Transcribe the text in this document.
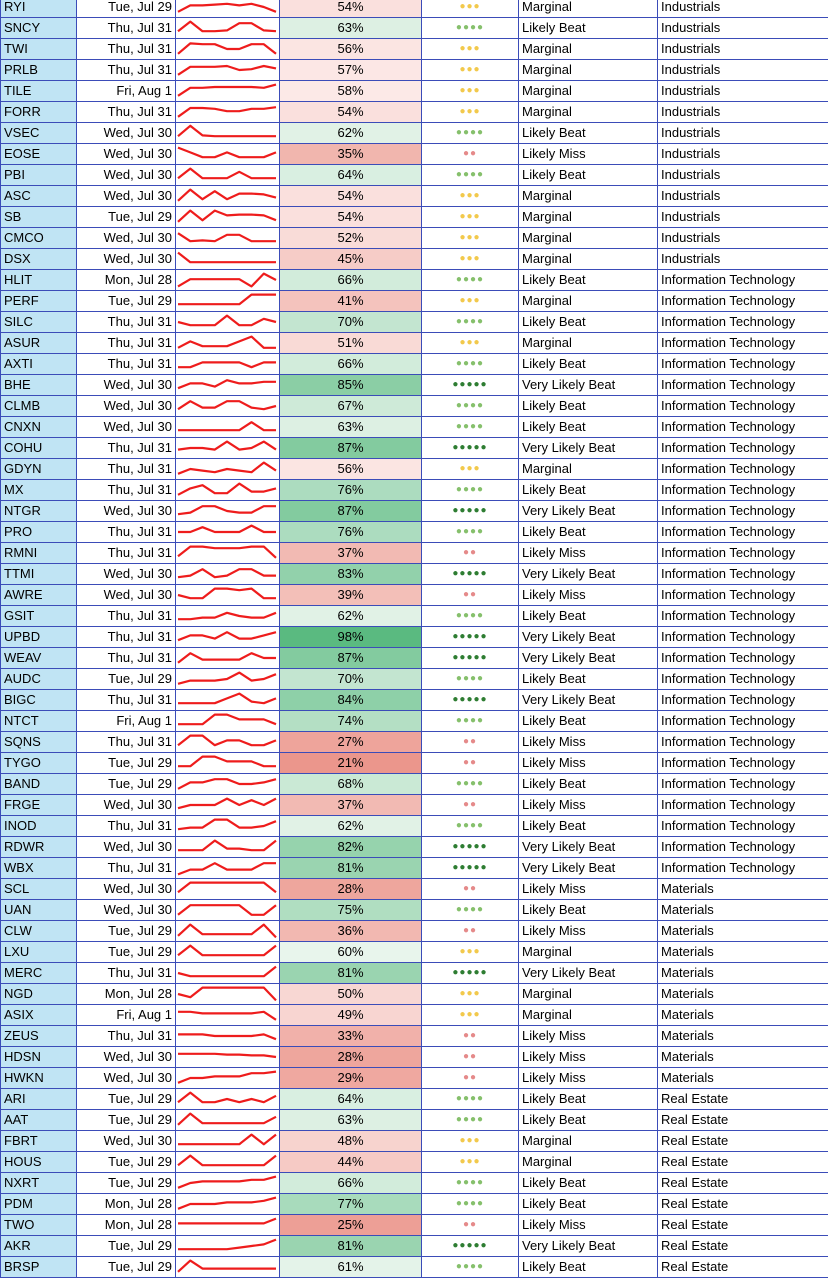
RYI	Tue, Jul 29		54%	●●●	Marginal	Industrials
SNCY	Thu, Jul 31		63%	●●●●	Likely Beat	Industrials
TWI	Thu, Jul 31		56%	●●●	Marginal	Industrials
PRLB	Thu, Jul 31		57%	●●●	Marginal	Industrials
TILE	Fri, Aug 1		58%	●●●	Marginal	Industrials
FORR	Thu, Jul 31		54%	●●●	Marginal	Industrials
VSEC	Wed, Jul 30		62%	●●●●	Likely Beat	Industrials
EOSE	Wed, Jul 30		35%	●●	Likely Miss	Industrials
PBI	Wed, Jul 30		64%	●●●●	Likely Beat	Industrials
ASC	Wed, Jul 30		54%	●●●	Marginal	Industrials
SB	Tue, Jul 29		54%	●●●	Marginal	Industrials
CMCO	Wed, Jul 30		52%	●●●	Marginal	Industrials
DSX	Wed, Jul 30		45%	●●●	Marginal	Industrials
HLIT	Mon, Jul 28		66%	●●●●	Likely Beat	Information Technology
PERF	Tue, Jul 29		41%	●●●	Marginal	Information Technology
SILC	Thu, Jul 31		70%	●●●●	Likely Beat	Information Technology
ASUR	Thu, Jul 31		51%	●●●	Marginal	Information Technology
AXTI	Thu, Jul 31		66%	●●●●	Likely Beat	Information Technology
BHE	Wed, Jul 30		85%	●●●●●	Very Likely Beat	Information Technology
CLMB	Wed, Jul 30		67%	●●●●	Likely Beat	Information Technology
CNXN	Wed, Jul 30		63%	●●●●	Likely Beat	Information Technology
COHU	Thu, Jul 31		87%	●●●●●	Very Likely Beat	Information Technology
GDYN	Thu, Jul 31		56%	●●●	Marginal	Information Technology
MX	Thu, Jul 31		76%	●●●●	Likely Beat	Information Technology
NTGR	Wed, Jul 30		87%	●●●●●	Very Likely Beat	Information Technology
PRO	Thu, Jul 31		76%	●●●●	Likely Beat	Information Technology
RMNI	Thu, Jul 31		37%	●●	Likely Miss	Information Technology
TTMI	Wed, Jul 30		83%	●●●●●	Very Likely Beat	Information Technology
AWRE	Wed, Jul 30		39%	●●	Likely Miss	Information Technology
GSIT	Thu, Jul 31		62%	●●●●	Likely Beat	Information Technology
UPBD	Thu, Jul 31		98%	●●●●●	Very Likely Beat	Information Technology
WEAV	Thu, Jul 31		87%	●●●●●	Very Likely Beat	Information Technology
AUDC	Tue, Jul 29		70%	●●●●	Likely Beat	Information Technology
BIGC	Thu, Jul 31		84%	●●●●●	Very Likely Beat	Information Technology
NTCT	Fri, Aug 1		74%	●●●●	Likely Beat	Information Technology
SQNS	Thu, Jul 31		27%	●●	Likely Miss	Information Technology
TYGO	Tue, Jul 29		21%	●●	Likely Miss	Information Technology
BAND	Tue, Jul 29		68%	●●●●	Likely Beat	Information Technology
FRGE	Wed, Jul 30		37%	●●	Likely Miss	Information Technology
INOD	Thu, Jul 31		62%	●●●●	Likely Beat	Information Technology
RDWR	Wed, Jul 30		82%	●●●●●	Very Likely Beat	Information Technology
WBX	Thu, Jul 31		81%	●●●●●	Very Likely Beat	Information Technology
SCL	Wed, Jul 30		28%	●●	Likely Miss	Materials
UAN	Wed, Jul 30		75%	●●●●	Likely Beat	Materials
CLW	Tue, Jul 29		36%	●●	Likely Miss	Materials
LXU	Tue, Jul 29		60%	●●●	Marginal	Materials
MERC	Thu, Jul 31		81%	●●●●●	Very Likely Beat	Materials
NGD	Mon, Jul 28		50%	●●●	Marginal	Materials
ASIX	Fri, Aug 1		49%	●●●	Marginal	Materials
ZEUS	Thu, Jul 31		33%	●●	Likely Miss	Materials
HDSN	Wed, Jul 30		28%	●●	Likely Miss	Materials
HWKN	Wed, Jul 30		29%	●●	Likely Miss	Materials
ARI	Tue, Jul 29		64%	●●●●	Likely Beat	Real Estate
AAT	Tue, Jul 29		63%	●●●●	Likely Beat	Real Estate
FBRT	Wed, Jul 30		48%	●●●	Marginal	Real Estate
HOUS	Tue, Jul 29		44%	●●●	Marginal	Real Estate
NXRT	Tue, Jul 29		66%	●●●●	Likely Beat	Real Estate
PDM	Mon, Jul 28		77%	●●●●	Likely Beat	Real Estate
TWO	Mon, Jul 28		25%	●●	Likely Miss	Real Estate
AKR	Tue, Jul 29		81%	●●●●●	Very Likely Beat	Real Estate
BRSP	Tue, Jul 29		61%	●●●●	Likely Beat	Real Estate
